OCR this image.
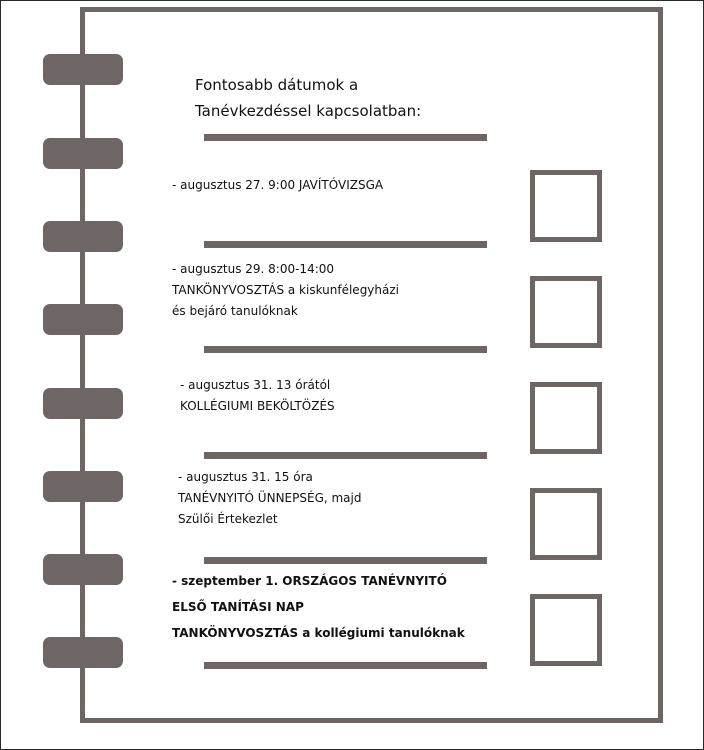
Fontosabb dátumok a
Tanévkezdéssel kapcsolatban:
- augusztus 27. 9:00 JAVÍTÓVIZSGA
- augusztus 29. 8:00-14:00
TANKÖNYVOSZTÁS a kiskunfélegyházi
és bejáró tanulóknak
- augusztus 31. 13 órától
KOLLÉGIUMI BEKÖLTÖZÉS
- augusztus 31. 15 óra
TANÉVNYITÓ ÜNNEPSÉG, majd
Szülői Értekezlet
- szeptember 1. ORSZÁGOS TANÉVNYITÓ
ELSŐ TANÍTÁSI NAP
TANKÖNYVOSZTÁS a kollégiumi tanulóknak
